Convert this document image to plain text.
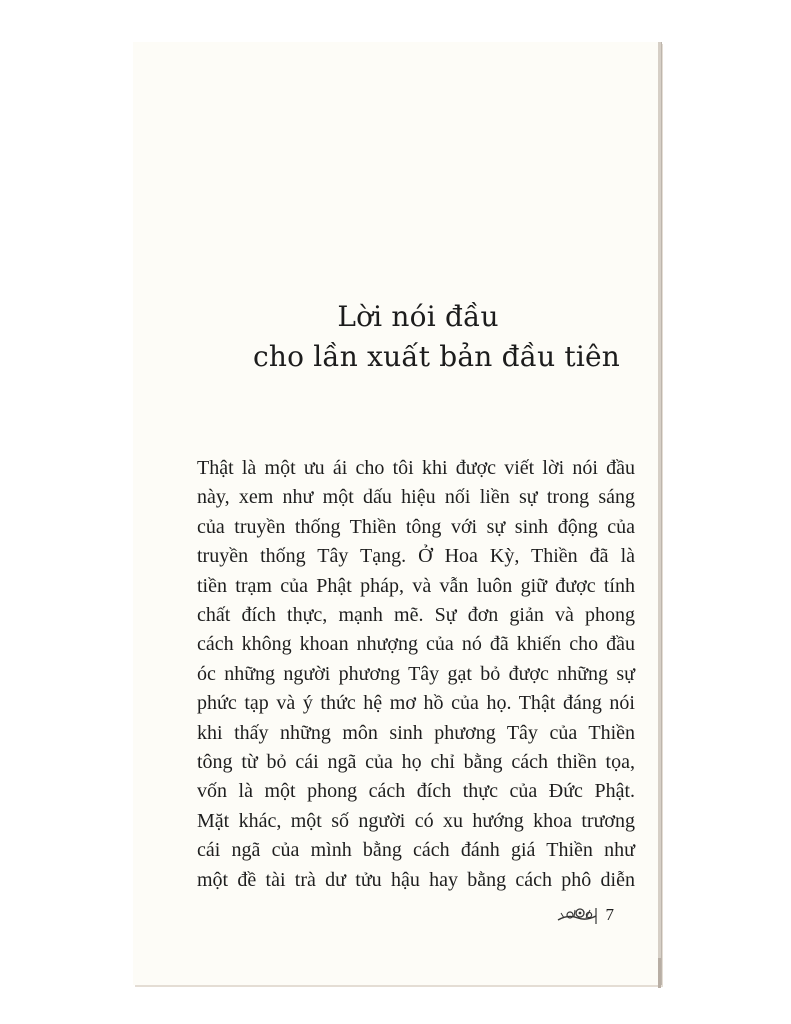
Lời nói đầu
cho lần xuất bản đầu tiên
Thật là một ưu ái cho tôi khi được viết lời nói đầu
này, xem như một dấu hiệu nối liền sự trong sáng
của truyền thống Thiền tông với sự sinh động của
truyền thống Tây Tạng. Ở Hoa Kỳ, Thiền đã là
tiền trạm của Phật pháp, và vẫn luôn giữ được tính
chất đích thực, mạnh mẽ. Sự đơn giản và phong
cách không khoan nhượng của nó đã khiến cho đầu
óc những người phương Tây gạt bỏ được những sự
phức tạp và ý thức hệ mơ hồ của họ. Thật đáng nói
khi thấy những môn sinh phương Tây của Thiền
tông từ bỏ cái ngã của họ chỉ bằng cách thiền tọa,
vốn là một phong cách đích thực của Đức Phật.
Mặt khác, một số người có xu hướng khoa trương
cái ngã của mình bằng cách đánh giá Thiền như
một đề tài trà dư tửu hậu hay bằng cách phô diễn
7
